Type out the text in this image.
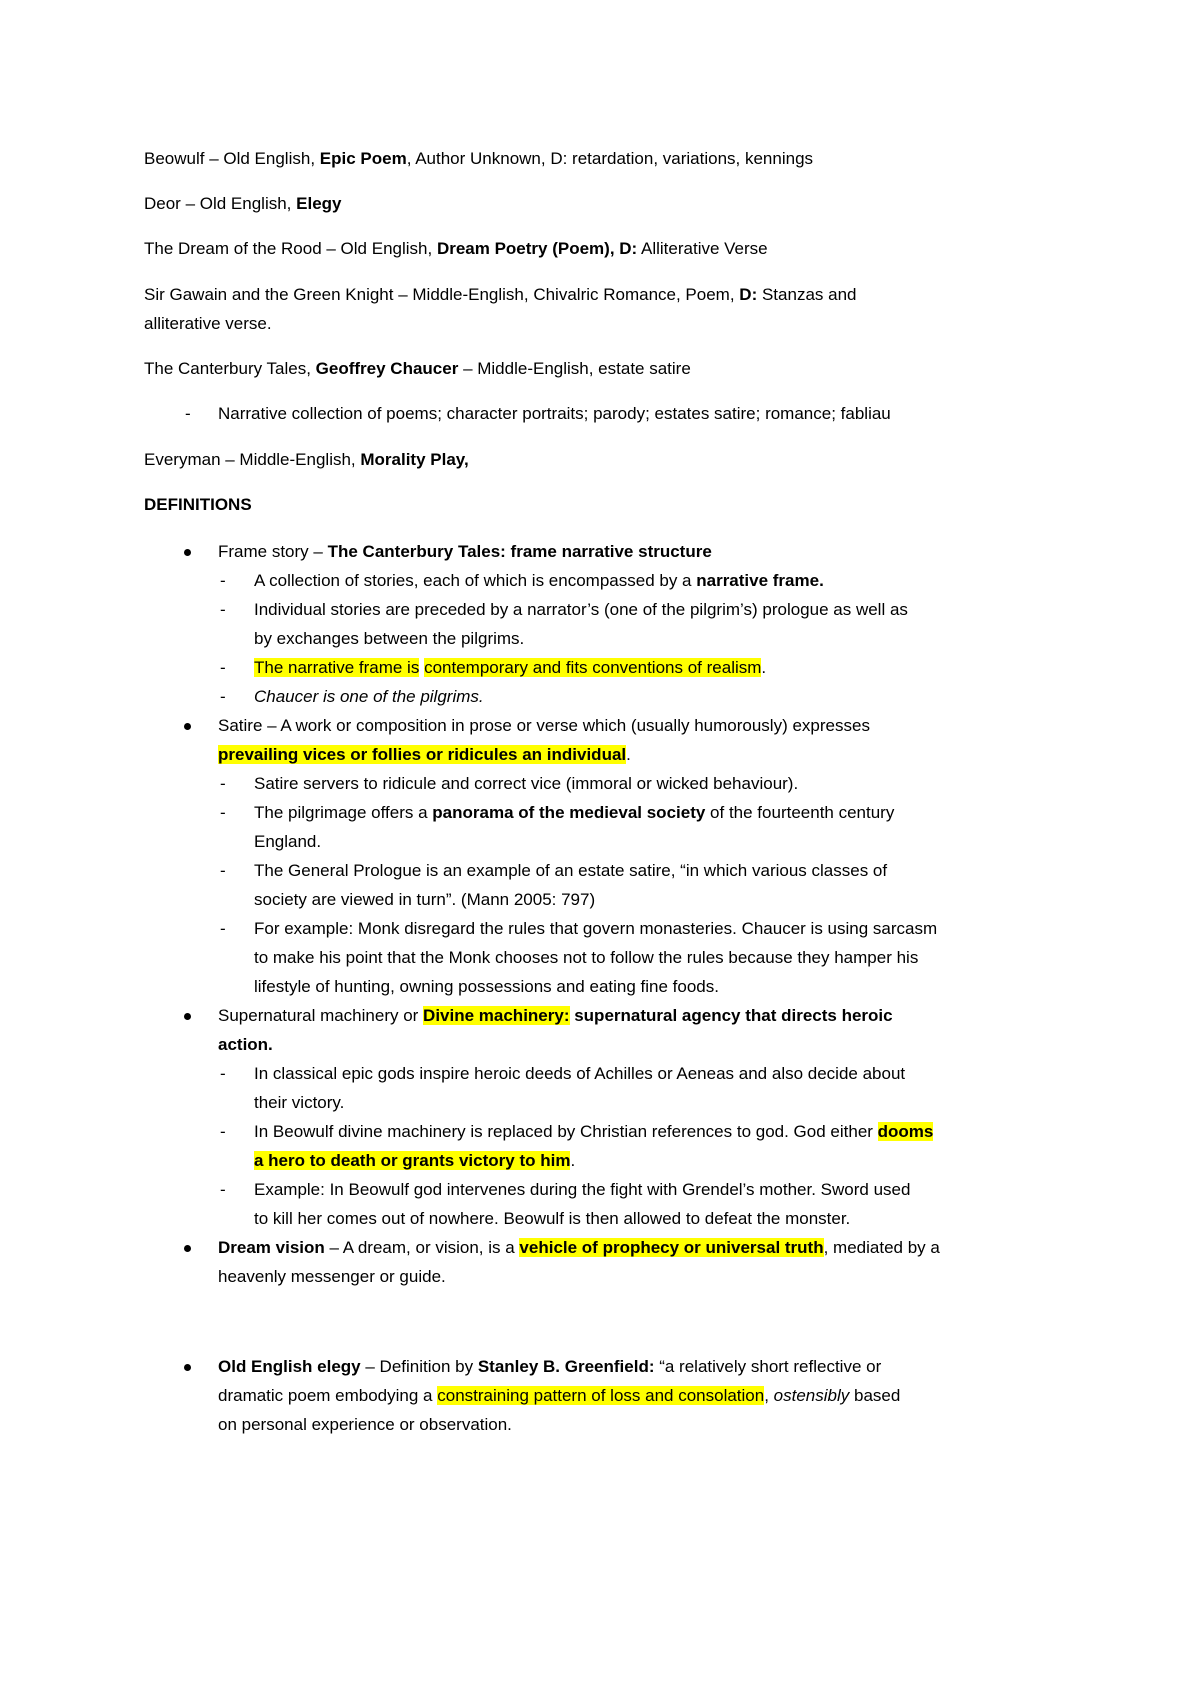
Beowulf – Old English, Epic Poem, Author Unknown, D: retardation, variations, kennings
Deor – Old English, Elegy
The Dream of the Rood – Old English, Dream Poetry (Poem), D: Alliterative Verse
Sir Gawain and the Green Knight – Middle-English, Chivalric Romance, Poem, D: Stanzas and
alliterative verse.
The Canterbury Tales, Geoffrey Chaucer – Middle-English, estate satire
- Narrative collection of poems; character portraits; parody; estates satire; romance; fabliau
Everyman – Middle-English, Morality Play,
DEFINITIONS
Frame story – The Canterbury Tales: frame narrative structure
- A collection of stories, each of which is encompassed by a narrative frame.
- Individual stories are preceded by a narrator’s (one of the pilgrim’s) prologue as well as
by exchanges between the pilgrims.
- The narrative frame is contemporary and fits conventions of realism.
- Chaucer is one of the pilgrims.
Satire – A work or composition in prose or verse which (usually humorously) expresses
prevailing vices or follies or ridicules an individual.
- Satire servers to ridicule and correct vice (immoral or wicked behaviour).
- The pilgrimage offers a panorama of the medieval society of the fourteenth century
England.
- The General Prologue is an example of an estate satire, “in which various classes of
society are viewed in turn”. (Mann 2005: 797)
- For example: Monk disregard the rules that govern monasteries. Chaucer is using sarcasm
to make his point that the Monk chooses not to follow the rules because they hamper his
lifestyle of hunting, owning possessions and eating fine foods.
Supernatural machinery or Divine machinery: supernatural agency that directs heroic
action.
- In classical epic gods inspire heroic deeds of Achilles or Aeneas and also decide about
their victory.
- In Beowulf divine machinery is replaced by Christian references to god. God either dooms
a hero to death or grants victory to him.
- Example: In Beowulf god intervenes during the fight with Grendel’s mother. Sword used
to kill her comes out of nowhere. Beowulf is then allowed to defeat the monster.
Dream vision – A dream, or vision, is a vehicle of prophecy or universal truth, mediated by a
heavenly messenger or guide.
Old English elegy – Definition by Stanley B. Greenfield: “a relatively short reflective or
dramatic poem embodying a constraining pattern of loss and consolation, ostensibly based
on personal experience or observation.
